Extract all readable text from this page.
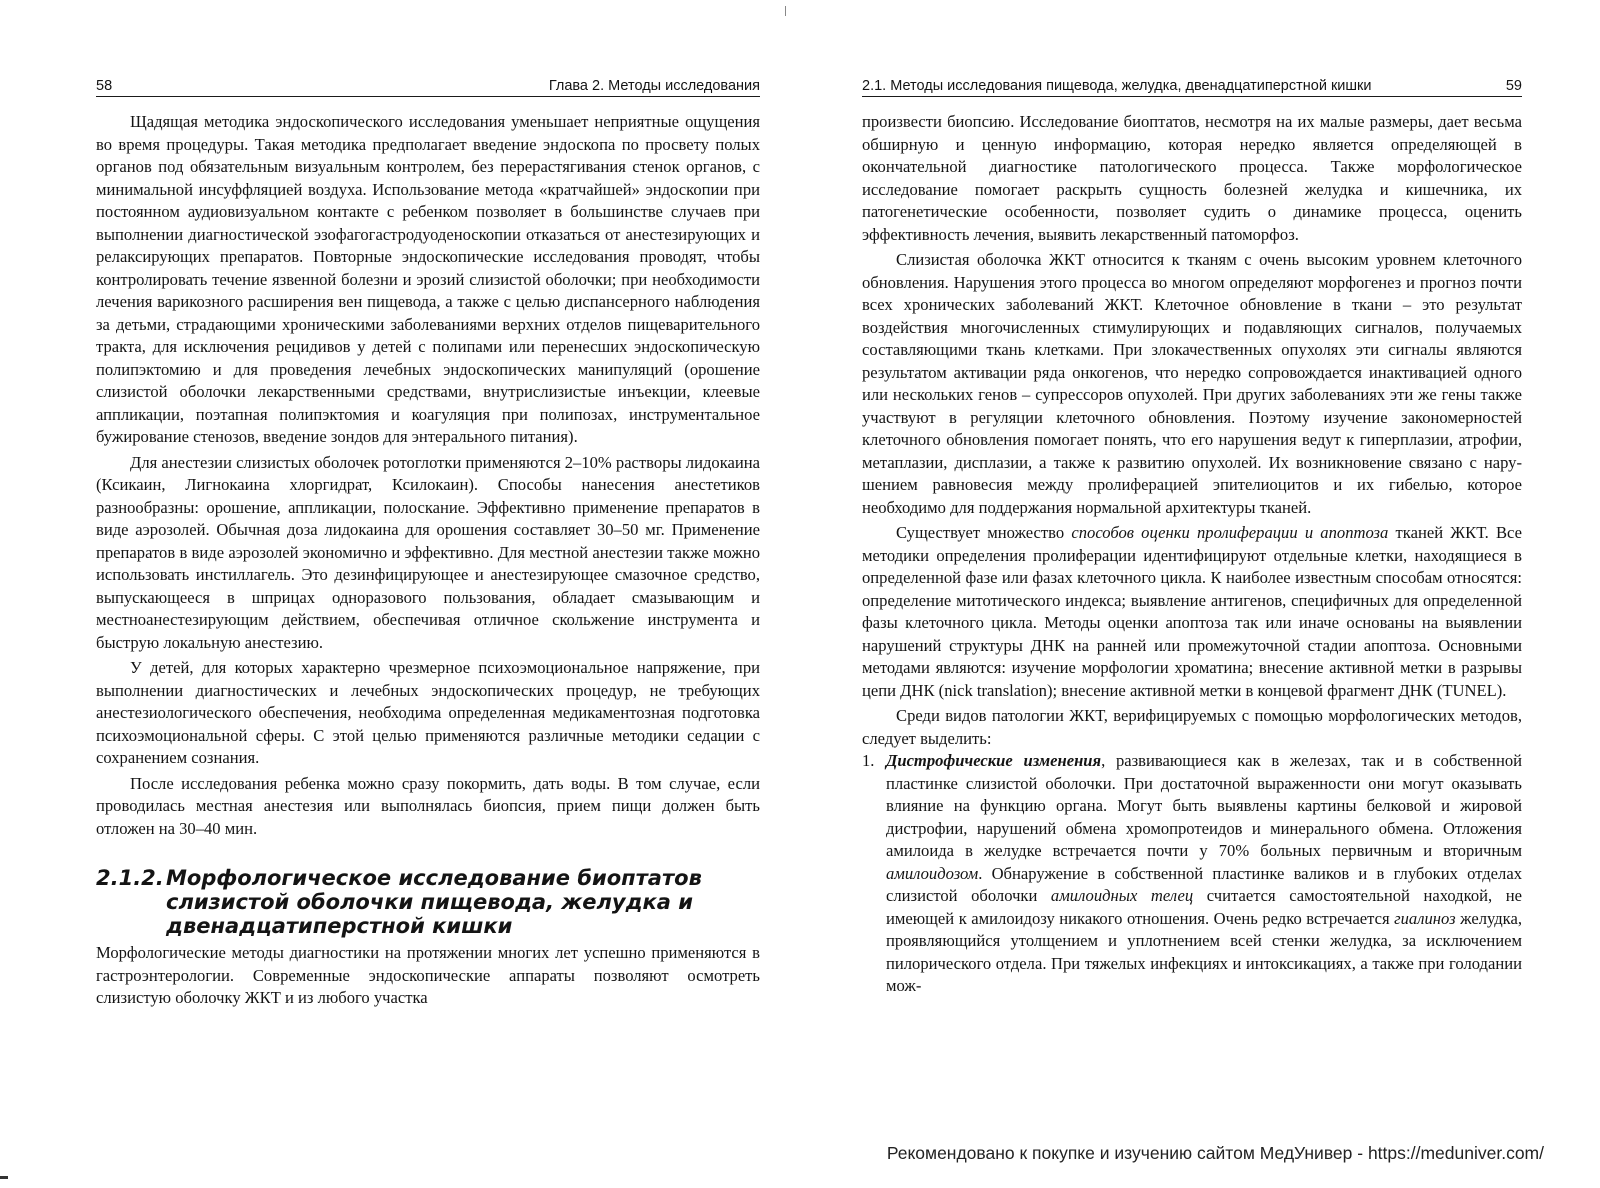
58	Глава 2. Методы исследования

Щадящая методика эндоскопического исследования уменьшает неприятные ощущения во время процедуры. Такая методика предполагает введение эндоскопа по просвету полых органов под обязательным визуальным контролем, без перерастягивания стенок органов, с минимальной инсуффляцией воздуха. Использование метода «кратчайшей» эндоскопии при постоянном аудиовизуальном контакте с ребенком позволяет в большинстве случаев при выполнении диагностической эзофагогастродуоденоскопии отказаться от анестезирующих и релаксирующих препаратов. Повторные эндоскопические исследования проводят, чтобы контролировать течение язвенной болезни и эрозий слизистой оболочки; при необходимости лечения варикозного расширения вен пищевода, а также с целью диспансерного наблюдения за детьми, страдающими хроническими заболеваниями верхних отделов пищеварительного тракта, для исключения рецидивов у детей с полипами или перенесших эндоскопическую полипэктомию и для проведения лечебных эндоскопических манипуляций (орошение слизистой оболочки лекарственными средствами, внутрислизистые инъекции, клеевые аппликации, поэтапная полипэктомия и коагуляция при полипозах, инструментальное бужирование стенозов, введение зондов для энтерального питания).

Для анестезии слизистых оболочек ротоглотки применяются 2–10% растворы лидокаина (Ксикаин, Лигнокаина хлоргидрат, Ксилокаин). Способы нанесения анестетиков разнообразны: орошение, аппликации, полоскание. Эффективно применение препаратов в виде аэрозолей. Обычная доза лидокаина для орошения составляет 30–50 мг. Применение препаратов в виде аэрозолей экономично и эффективно. Для местной анестезии также можно использовать инстиллагель. Это дезинфицирующее и анестезирующее смазочное средство, выпускающееся в шприцах одноразового пользования, обладает смазывающим и местноанестезирующим действием, обеспечивая отличное скольжение инструмента и быструю локальную анестезию.

У детей, для которых характерно чрезмерное психоэмоциональное напряжение, при выполнении диагностических и лечебных эндоскопических процедур, не требующих анестезиологического обеспечения, необходима определенная медикаментозная подготовка психоэмоциональной сферы. С этой целью применяются различные методики седации с сохранением сознания.

После исследования ребенка можно сразу покормить, дать воды. В том случае, если проводилась местная анестезия или выполнялась биопсия, прием пищи должен быть отложен на 30–40 мин.

2.1.2. Морфологическое исследование биоптатов слизистой оболочки пищевода, желудка и двенадцатиперстной кишки

Морфологические методы диагностики на протяжении многих лет успешно применяются в гастроэнтерологии. Современные эндоскопические аппараты позволяют осмотреть слизистую оболочку ЖКТ и из любого участка

2.1. Методы исследования пищевода, желудка, двенадцатиперстной кишки	59

произвести биопсию. Исследование биоптатов, несмотря на их малые размеры, дает весьма обширную и ценную информацию, которая нередко является определяющей в окончательной диагностике патологического процесса. Также морфологическое исследование помогает раскрыть сущность болезней желудка и кишечника, их патогенетические особенности, позволяет судить о динамике процесса, оценить эффективность лечения, выявить лекарственный патоморфоз.

Слизистая оболочка ЖКТ относится к тканям с очень высоким уровнем клеточного обновления. Нарушения этого процесса во многом определяют морфогенез и прогноз почти всех хронических заболеваний ЖКТ. Клеточное обновление в ткани – это результат воздействия многочисленных стимулирующих и подавляющих сигналов, получаемых составляющими ткань клетками. При злокачественных опухолях эти сигналы являются результатом активации ряда онкогенов, что нередко сопровождается инактивацией одного или нескольких генов – супрессоров опухолей. При других заболеваниях эти же гены также участвуют в регуляции клеточного обновления. Поэтому изучение закономерностей клеточного обновления помогает понять, что его нарушения ведут к гиперплазии, атрофии, метаплазии, дисплазии, а также к развитию опухолей. Их возникновение связано с нарушением равновесия между пролиферацией эпителиоцитов и их гибелью, которое необходимо для поддержания нормальной архитектуры тканей.

Существует множество способов оценки пролиферации и апоптоза тканей ЖКТ. Все методики определения пролиферации идентифицируют отдельные клетки, находящиеся в определенной фазе или фазах клеточного цикла. К наиболее известным способам относятся: определение митотического индекса; выявление антигенов, специфичных для определенной фазы клеточного цикла. Методы оценки апоптоза так или иначе основаны на выявлении нарушений структуры ДНК на ранней или промежуточной стадии апоптоза. Основными методами являются: изучение морфологии хроматина; внесение активной метки в разрывы цепи ДНК (nick translation); внесение активной метки в концевой фрагмент ДНК (TUNEL).

Среди видов патологии ЖКТ, верифицируемых с помощью морфологических методов, следует выделить:

1. Дистрофические изменения, развивающиеся как в железах, так и в собственной пластинке слизистой оболочки. При достаточной выраженности они могут оказывать влияние на функцию органа. Могут быть выявлены картины белковой и жировой дистрофии, нарушений обмена хромопротеидов и минерального обмена. Отложения амилоида в желудке встречается почти у 70% больных первичным и вторичным амилоидозом. Обнаружение в собственной пластинке валиков и в глубоких отделах слизистой оболочки амилоидных телец считается самостоятельной находкой, не имеющей к амилоидозу никакого отношения. Очень редко встречается гиалиноз желудка, проявляющийся утолщением и уплотнением всей стенки желудка, за исключением пилорического отдела. При тяжелых инфекциях и интоксикациях, а также при голодании мож-
Рекомендовано к покупке и изучению сайтом МедУнивер - https://meduniver.com/
